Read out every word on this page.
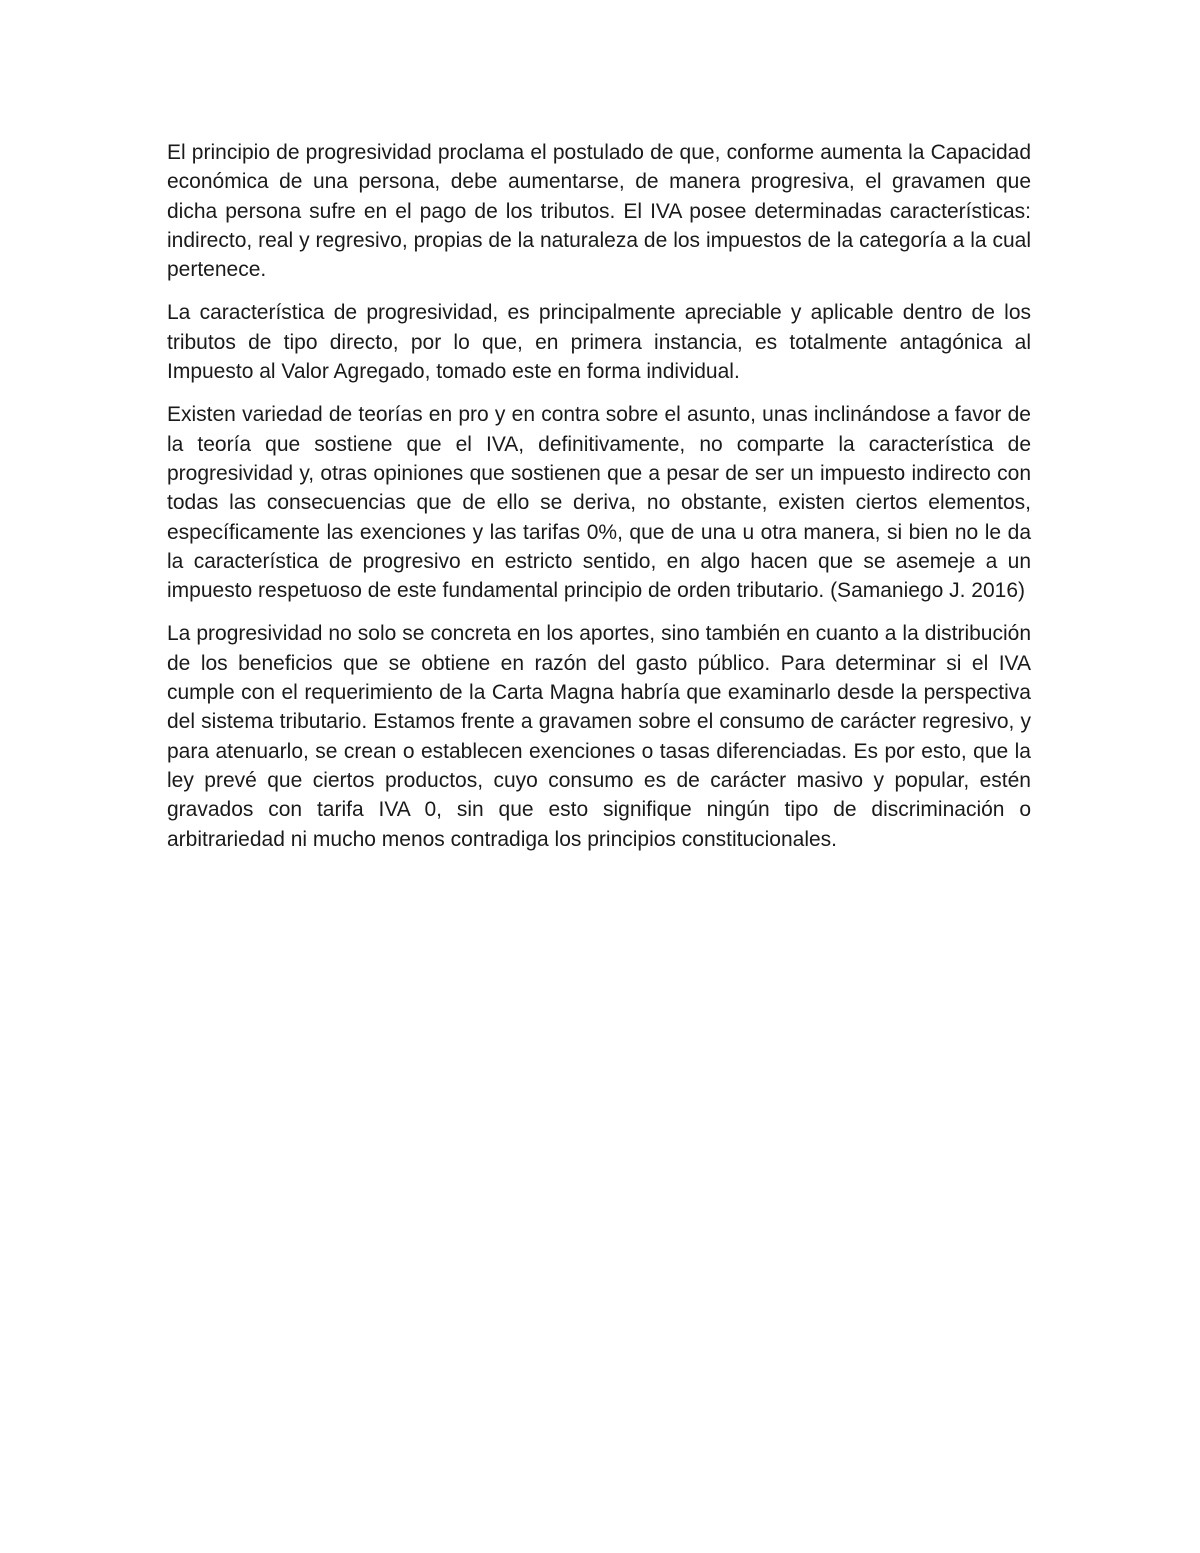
El principio de progresividad proclama el postulado de que, conforme aumenta la Capacidad económica de una persona, debe aumentarse, de manera progresiva, el gravamen que dicha persona sufre en el pago de los tributos. El IVA posee determinadas características: indirecto, real y regresivo, propias de la naturaleza de los impuestos de la categoría a la cual pertenece.

La característica de progresividad, es principalmente apreciable y aplicable dentro de los tributos de tipo directo, por lo que, en primera instancia, es totalmente antagónica al Impuesto al Valor Agregado, tomado este en forma individual.

Existen variedad de teorías en pro y en contra sobre el asunto, unas inclinándose a favor de la teoría que sostiene que el IVA, definitivamente, no comparte la característica de progresividad y, otras opiniones que sostienen que a pesar de ser un impuesto indirecto con todas las consecuencias que de ello se deriva, no obstante, existen ciertos elementos, específicamente las exenciones y las tarifas 0%, que de una u otra manera, si bien no le da la característica de progresivo en estricto sentido, en algo hacen que se asemeje a un impuesto respetuoso de este fundamental principio de orden tributario. (Samaniego J. 2016)

La progresividad no solo se concreta en los aportes, sino también en cuanto a la distribución de los beneficios que se obtiene en razón del gasto público. Para determinar si el IVA cumple con el requerimiento de la Carta Magna habría que examinarlo desde la perspectiva del sistema tributario. Estamos frente a gravamen sobre el consumo de carácter regresivo, y para atenuarlo, se crean o establecen exenciones o tasas diferenciadas. Es por esto, que la ley prevé que ciertos productos, cuyo consumo es de carácter masivo y popular, estén gravados con tarifa IVA 0, sin que esto signifique ningún tipo de discriminación o arbitrariedad ni mucho menos contradiga los principios constitucionales.
